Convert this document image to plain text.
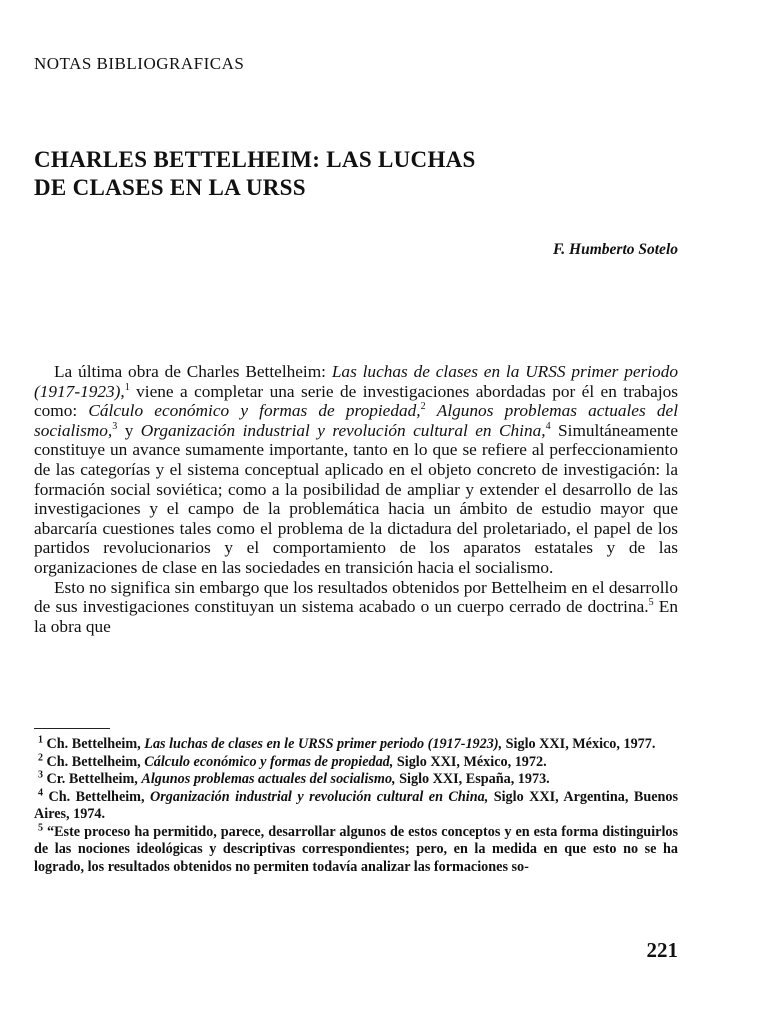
NOTAS BIBLIOGRAFICAS
CHARLES BETTELHEIM: LAS LUCHAS
DE CLASES EN LA URSS
F. Humberto Sotelo

La última obra de Charles Bettelheim: Las luchas de clases en la URSS primer periodo (1917-1923),$^1$ viene a completar una serie de investigaciones abordadas por él en trabajos como: Cálculo económico y formas de propiedad,$^2$ Algunos problemas actuales del socialismo,$^3$ y Organización industrial y revolución cultural en China,$^4$ Simultáneamente constituye un avance sumamente importante, tanto en lo que se refiere al perfeccionamiento de las categorías y el sistema conceptual aplicado en el objeto concreto de investigación: la formación social soviética; como a la posibilidad de ampliar y extender el desarrollo de las investigaciones y el campo de la problemática hacia un ámbito de estudio mayor que abarcaría cuestiones tales como el problema de la dictadura del proletariado, el papel de los partidos revolucionarios y el comportamiento de los aparatos estatales y de las organizaciones de clase en las sociedades en transición hacia el socialismo.

Esto no significa sin embargo que los resultados obtenidos por Bettelheim en el desarrollo de sus investigaciones constituyan un sistema acabado o un cuerpo cerrado de doctrina.$^5$ En la obra que

$^1$ Ch. Bettelheim, Las luchas de clases en le URSS primer periodo (1917-1923), Siglo XXI, México, 1977.

$^2$ Ch. Bettelheim, Cálculo económico y formas de propiedad, Siglo XXI, México, 1972.

$^3$ Cr. Bettelheim, Algunos problemas actuales del socialismo, Siglo XXI, España, 1973.

$^4$ Ch. Bettelheim, Organización industrial y revolución cultural en China, Siglo XXI, Argentina, Buenos Aires, 1974.

$^5$ “Este proceso ha permitido, parece, desarrollar algunos de estos conceptos y en esta forma distinguirlos de las nociones ideológicas y descriptivas correspondientes; pero, en la medida en que esto no se ha logrado, los resultados obtenidos no permiten todavía analizar las formaciones so-

221
